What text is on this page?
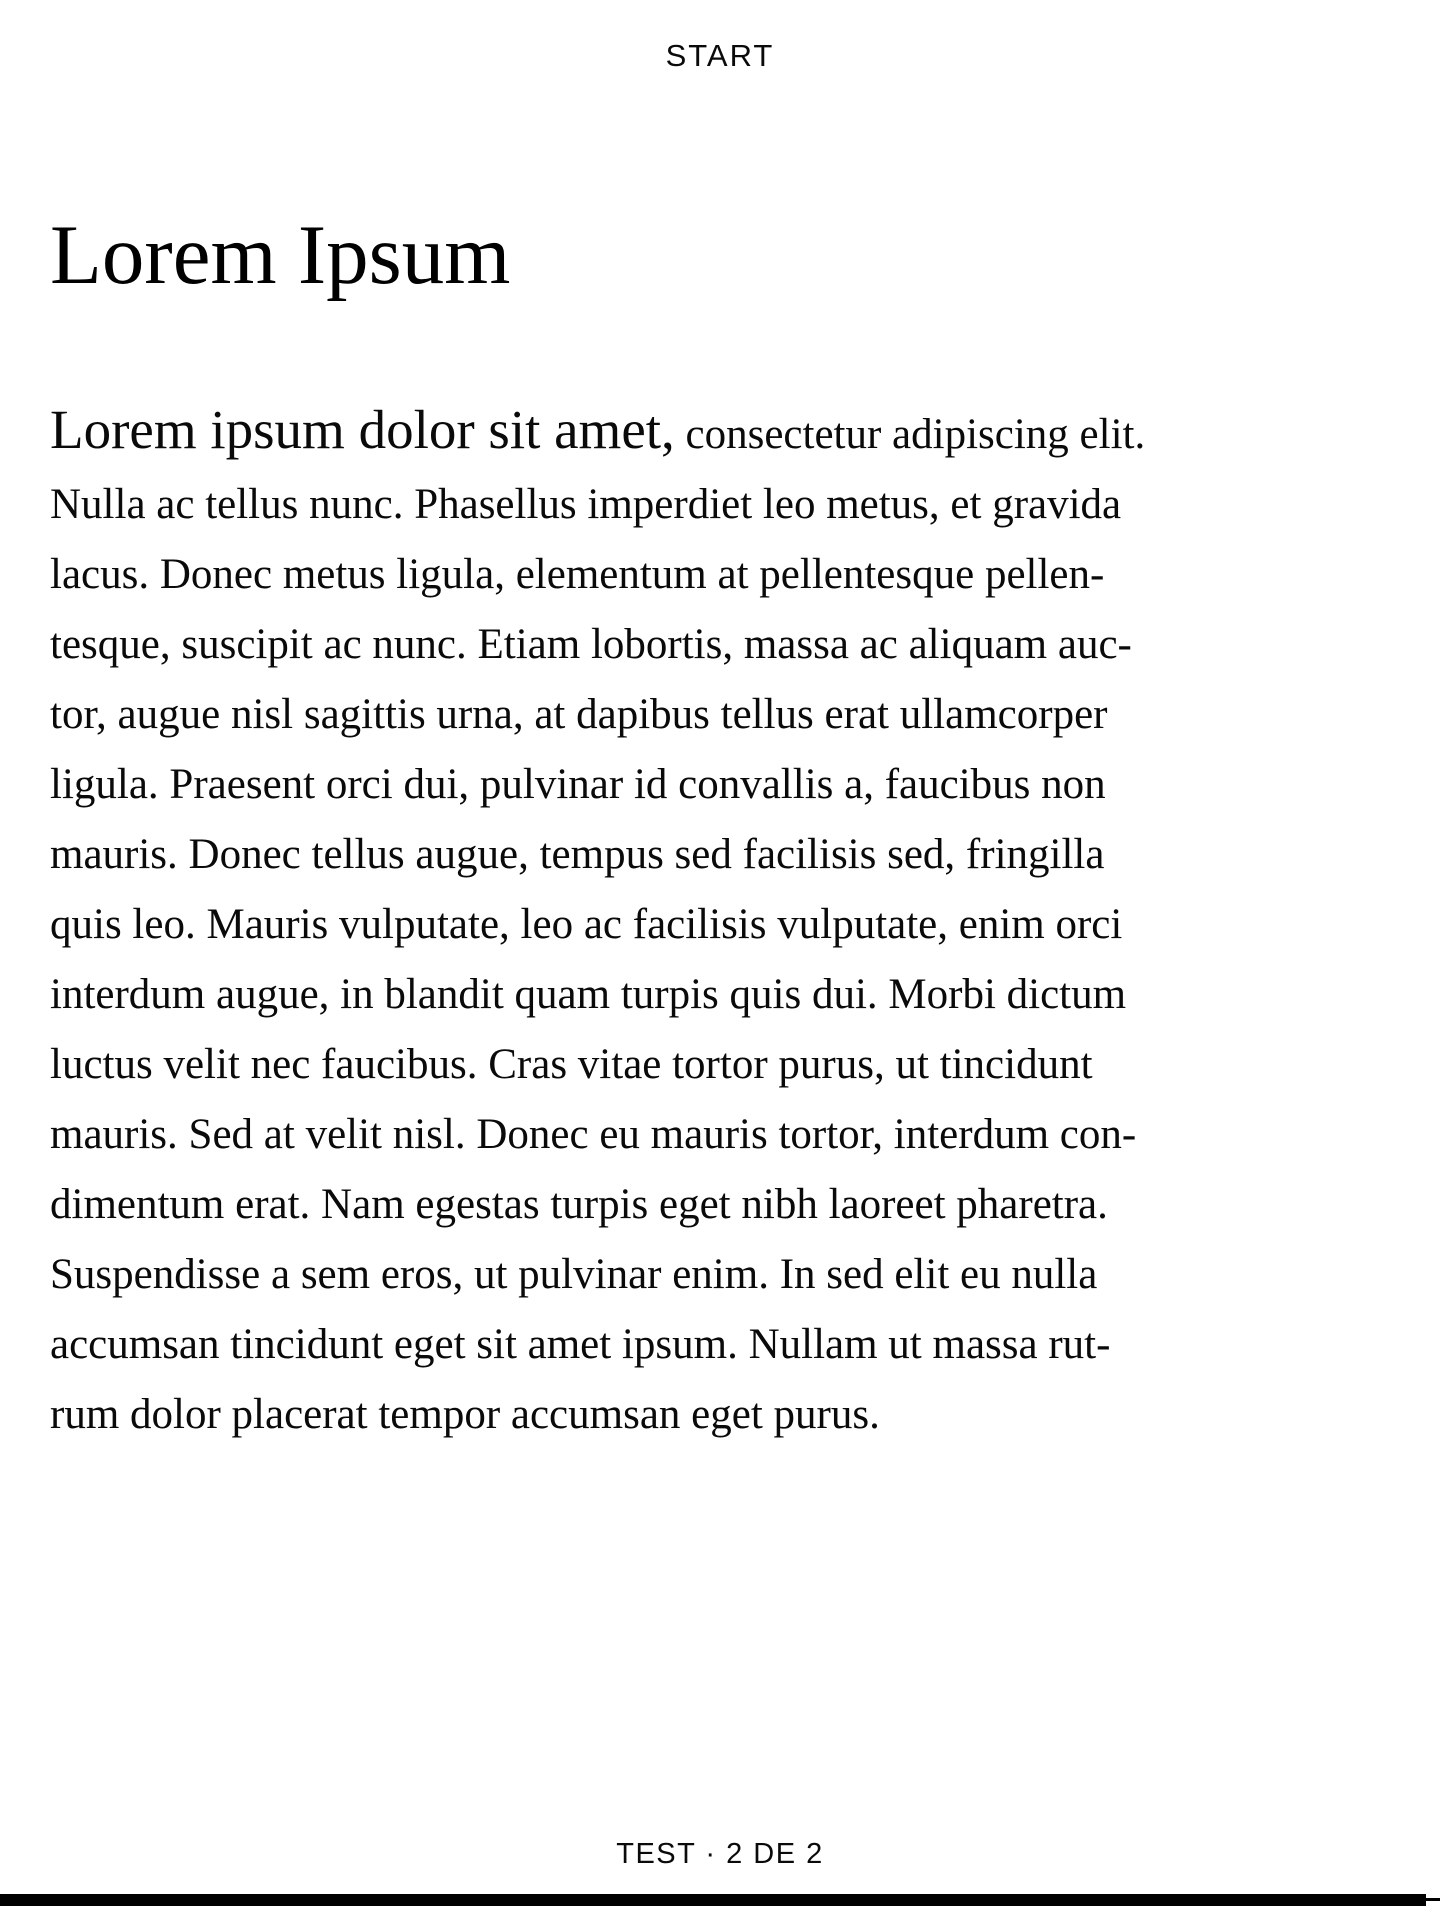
START
Lorem Ipsum
Lorem ipsum dolor sit amet, consectetur adipiscing elit.
Nulla ac tellus nunc. Phasellus imperdiet leo metus, et gravida
lacus. Donec metus ligula, elementum at pellentesque pellen-
tesque, suscipit ac nunc. Etiam lobortis, massa ac aliquam auc-
tor, augue nisl sagittis urna, at dapibus tellus erat ullamcorper
ligula. Praesent orci dui, pulvinar id convallis a, faucibus non
mauris. Donec tellus augue, tempus sed facilisis sed, fringilla
quis leo. Mauris vulputate, leo ac facilisis vulputate, enim orci
interdum augue, in blandit quam turpis quis dui. Morbi dictum
luctus velit nec faucibus. Cras vitae tortor purus, ut tincidunt
mauris. Sed at velit nisl. Donec eu mauris tortor, interdum con-
dimentum erat. Nam egestas turpis eget nibh laoreet pharetra.
Suspendisse a sem eros, ut pulvinar enim. In sed elit eu nulla
accumsan tincidunt eget sit amet ipsum. Nullam ut massa rut-
rum dolor placerat tempor accumsan eget purus.
TEST · 2 DE 2
